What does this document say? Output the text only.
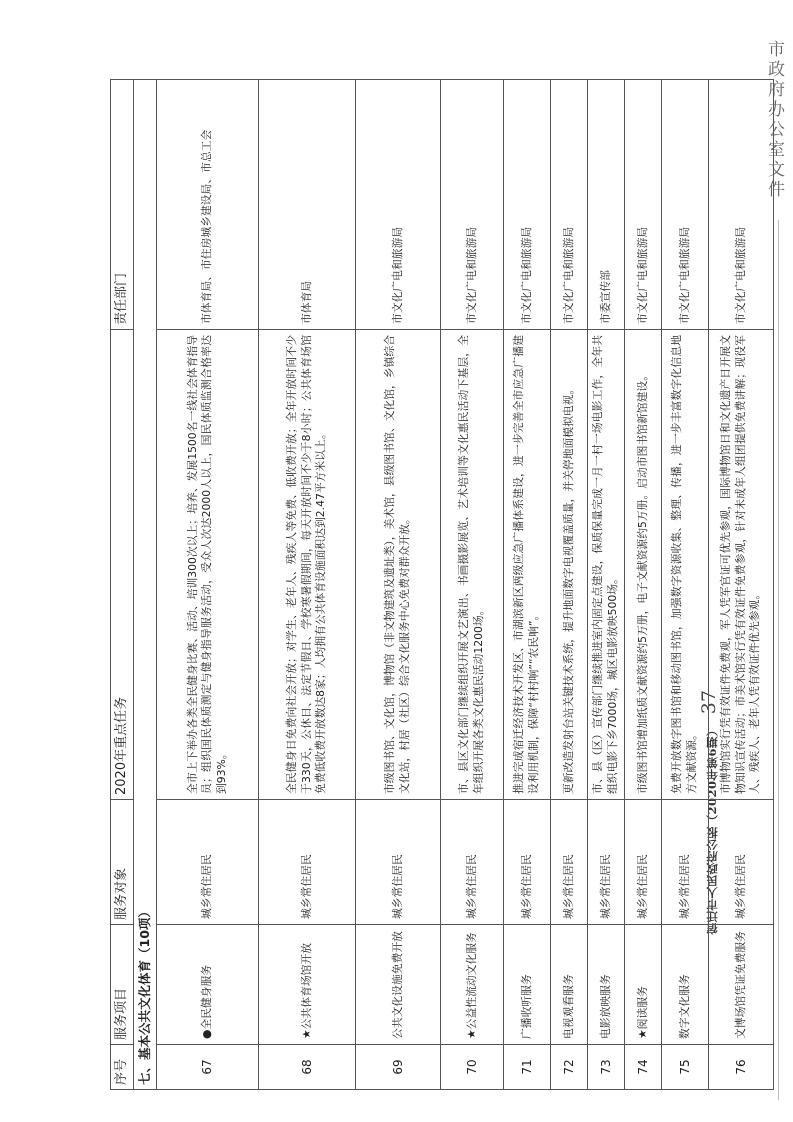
市政府办公室文件
37
宿迁市人民政府公报（2020年第6期）
序号	服务项目	服务对象	2020年重点任务	责任部门
七、基本公共文化体育（10项）				
67	●全民健身服务	城乡常住居民	全市上下举办各类全民健身比赛、活动、培训300次以上；培养、发展1500名一线社会体育指导员；组织国民体质测定与健身指导服务活动，受众人次达2000人以上，国民体质监测合格率达到93%。	市体育局、市住房城乡建设局、市总工会
68	★公共体育场馆开放	城乡常住居民	全民健身日免费向社会开放；对学生、老年人、残疾人等免费、低收费开放；全年开放时间不少于330天，公休日、法定节假日、学校寒暑假期间，每天开放时间不少于8小时；公共体育场馆免费低收费开放数达8家；人均拥有公共体育设施面积达到2.47平方米以上。	市体育局
69	公共文化设施免费开放	城乡常住居民	市级图书馆、文化馆，博物馆（非文物建筑及遗址类），美术馆，县级图书馆、文化馆，乡镇综合文化站，村居（社区）综合文化服务中心免费对群众开放。	市文化广电和旅游局
70	★公益性流动文化服务	城乡常住居民	市、县区文化部门继续组织开展文艺演出、书画摄影展览、艺术培训等文化惠民活动下基层，全年组织开展各类文化惠民活动1200场。	市文化广电和旅游局
71	广播收听服务	城乡常住居民	推进完成宿迁经济技术开发区、市湖滨新区两级应急广播体系建设，进一步完善全市应急广播建设利用机制，保障“村村响”“农民响”。	市文化广电和旅游局
72	电视观看服务	城乡常住居民	更新改造发射台站关键技术系统，提升地面数字电视覆盖质量，并关停地面模拟电视。	市文化广电和旅游局
73	电影放映服务	城乡常住居民	市、县（区）宣传部门继续推进室内固定点建设，保质保量完成一月一村一场电影工作，全年共组织电影下乡7000场，城区电影放映500场。	市委宣传部
74	★阅读服务	城乡常住居民	市级图书馆增加纸质文献资源约5万册，电子文献资源约5万册。启动市图书馆新馆建设。	市文化广电和旅游局
75	数字文化服务	城乡常住居民	免费开放数字图书馆和移动图书馆，加强数字资源收集、整理、传播，进一步丰富数字化信息地方文献资源。	市文化广电和旅游局
76	文博场馆凭证免费服务	城乡常住居民	市博物馆实行凭有效证件免费观，军人凭军官证可优先参观，国际博物馆日和文化遗产日开展文物知识宣传活动；市美术馆实行凭有效证件免费参观，针对未成年人组团提供免费讲解；现役军人、残疾人、老年人凭有效证件优先参观。	市文化广电和旅游局
